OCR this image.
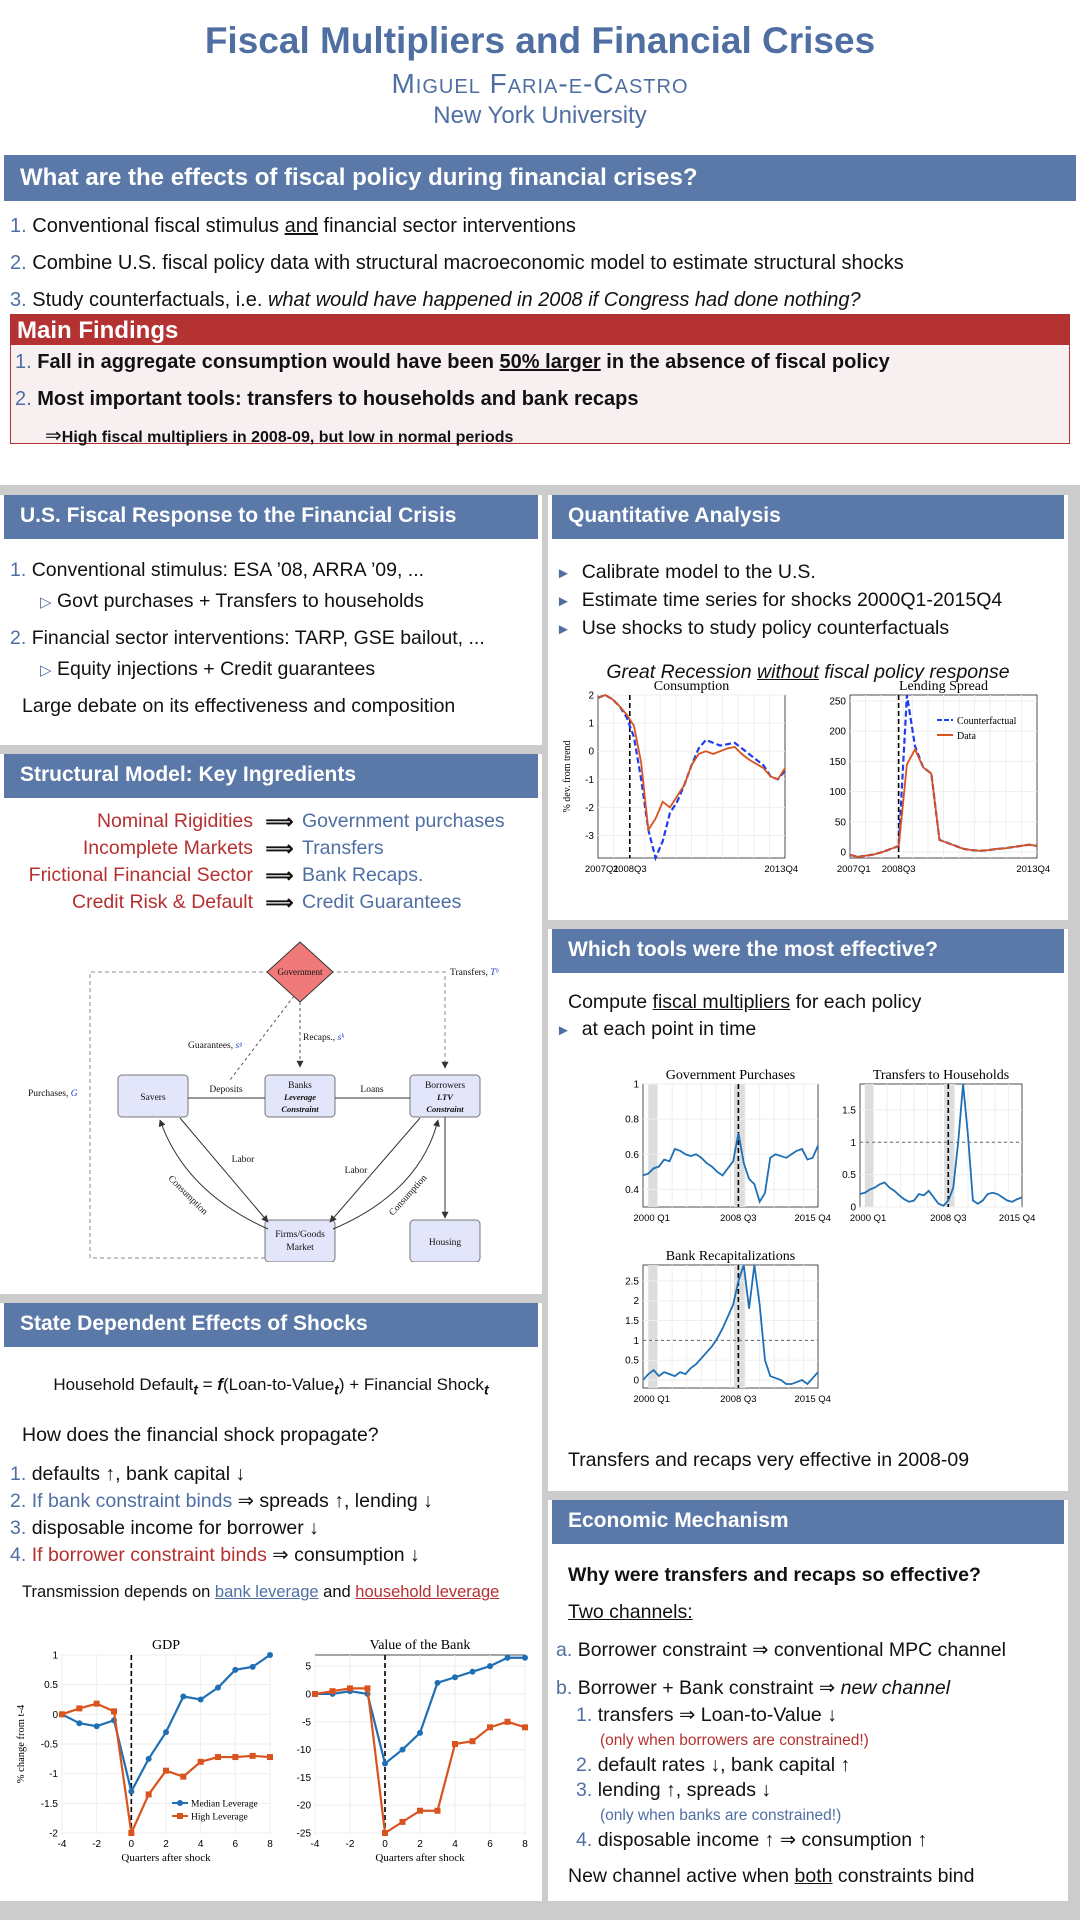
Fiscal Multipliers and Financial Crises
Miguel Faria-e-Castro
New York University
What are the effects of fiscal policy during financial crises?
1. Conventional fiscal stimulus and financial sector interventions
2. Combine U.S. fiscal policy data with structural macroeconomic model to estimate structural shocks
3. Study counterfactuals, i.e. what would have happened in 2008 if Congress had done nothing?
Main Findings
1. Fall in aggregate consumption would have been 50% larger in the absence of fiscal policy
2. Most important tools: transfers to households and bank recaps
⇒High fiscal multipliers in 2008-09, but low in normal periods
U.S. Fiscal Response to the Financial Crisis
1. Conventional stimulus: ESA ’08, ARRA ’09, ...
▷ Govt purchases + Transfers to households
2. Financial sector interventions: TARP, GSE bailout, ...
▷ Equity injections + Credit guarantees
Large debate on its effectiveness and composition
Structural Model: Key Ingredients
Nominal Rigidities ⟹ Government purchases
Incomplete Markets ⟹ Transfers
Frictional Financial Sector ⟹ Bank Recaps.
Credit Risk & Default ⟹ Credit Guarantees
Government	Transfers, Tᵇ
Purchases, G
Guarantees, sᵍ
Recaps., sᵏ
Savers
Banks
Leverage
Constraint
Borrowers
LTV
Constraint
Deposits	Loans
Firms/Goods
Market	Housing
Labor
Labor
Consumption	Consumption
State Dependent Effects of Shocks
Household Default$_t$ = f(Loan-to-Value$_t$) + Financial Shock$_t$
How does the financial shock propagate?
1. defaults ↑, bank capital ↓
2. If bank constraint binds ⇒ spreads ↑, lending ↓
3. disposable income for borrower ↓
4. If borrower constraint binds ⇒ consumption ↓
Transmission depends on bank leverage and household leverage
-4	-2	0	2	4	6	8
1
0.5
0
-0.5
-1
-1.5
-2
GDP
Quarters after shock
% change from t-4
Median Leverage
High Leverage
-4	-2	0	2	4	6	8
5
0
-5
-10
-15
-20
-25
Value of the Bank
Quarters after shock
Quantitative Analysis
► Calibrate model to the U.S.
► Estimate time series for shocks 2000Q1-2015Q4
► Use shocks to study policy counterfactuals
Great Recession without fiscal policy response
2
1
0
-1
-2
-3
2007Q1
2008Q3	2013Q4
Consumption
% dev. from trend
250
200
150
100
50
0
2007Q1 2008Q3	2013Q4
Lending Spread
Counterfactual
Data
Which tools were the most effective?
Compute fiscal multipliers for each policy
► at each point in time
1
0.8
0.6
0.4
2000 Q1	2008 Q3	2015 Q4
Government Purchases
1.5
1
0.5
0
2000 Q1	2008 Q3	2015 Q4
Transfers to Households
2.5
2
1.5
1
0.5
0
2000 Q1	2008 Q3	2015 Q4
Bank Recapitalizations
Transfers and recaps very effective in 2008-09
Economic Mechanism
Why were transfers and recaps so effective?
Two channels:
a. Borrower constraint ⇒ conventional MPC channel
b. Borrower + Bank constraint ⇒ new channel
1. transfers ⇒ Loan-to-Value ↓
(only when borrowers are constrained!)
2. default rates ↓, bank capital ↑
3. lending ↑, spreads ↓
(only when banks are constrained!)
4. disposable income ↑ ⇒ consumption ↑
New channel active when both constraints bind
